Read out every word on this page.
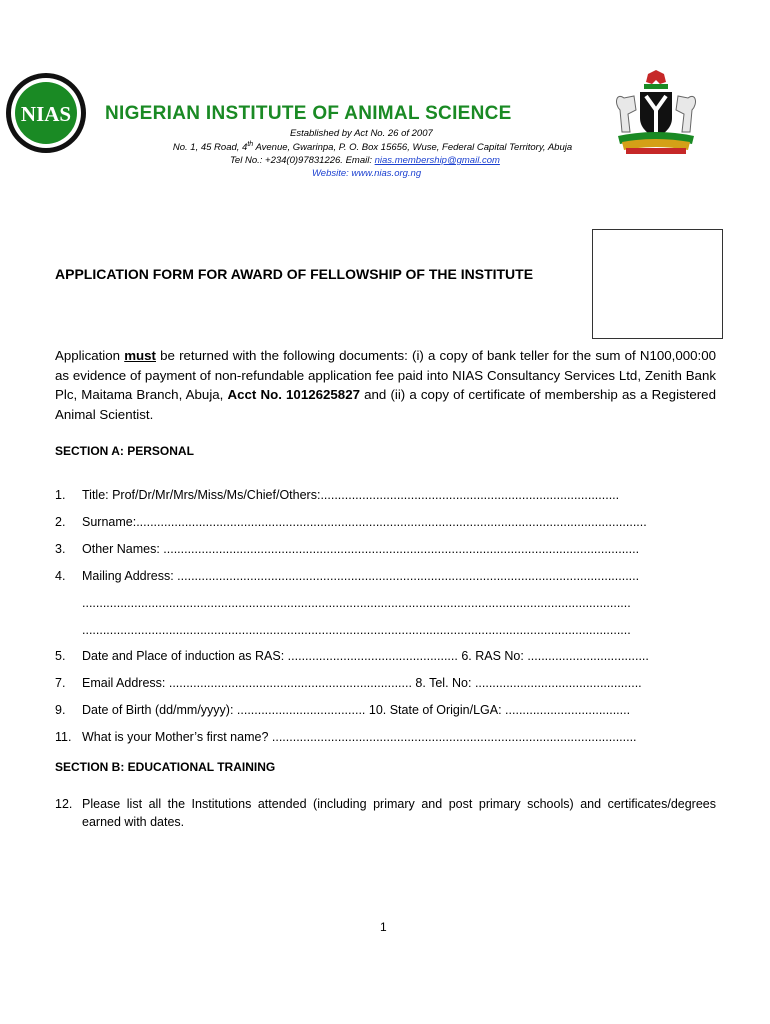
NIAS NIGERIAN INSTITUTE OF ANIMAL SCIENCE
Established by Act No. 26 of 2007
No. 1, 45 Road, 4th Avenue, Gwarinpa, P. O. Box 15656, Wuse, Federal Capital Territory, Abuja
Tel No.: +234(0)97831226. Email: nias.membership@gmail.com
Website: www.nias.org.ng
APPLICATION FORM FOR AWARD OF FELLOWSHIP OF THE INSTITUTE
Application must be returned with the following documents: (i) a copy of bank teller for the sum of N100,000:00 as evidence of payment of non-refundable application fee paid into NIAS Consultancy Services Ltd, Zenith Bank Plc, Maitama Branch, Abuja, Acct No. 1012625827 and (ii) a copy of certificate of membership as a Registered Animal Scientist.
SECTION A: PERSONAL
1.	Title: Prof/Dr/Mr/Mrs/Miss/Ms/Chief/Others:......................................................................................
2.	Surname:...................................................................................................................................................
3.	Other Names: .........................................................................................................................................
4.	Mailing Address: .....................................................................................................................................
..............................................................................................................................................................
..............................................................................................................................................................
5.	Date and Place of induction as RAS: ................................................. 6. RAS No: ...................................
7.	Email Address: ...................................................................... 8. Tel. No: ................................................
9.	Date of Birth (dd/mm/yyyy): ..................................... 10. State of Origin/LGA: ....................................
11. What is your Mother’s first name? .........................................................................................................
SECTION B: EDUCATIONAL TRAINING
12. Please list all the Institutions attended (including primary and post primary schools) and certificates/degrees earned with dates.
1
